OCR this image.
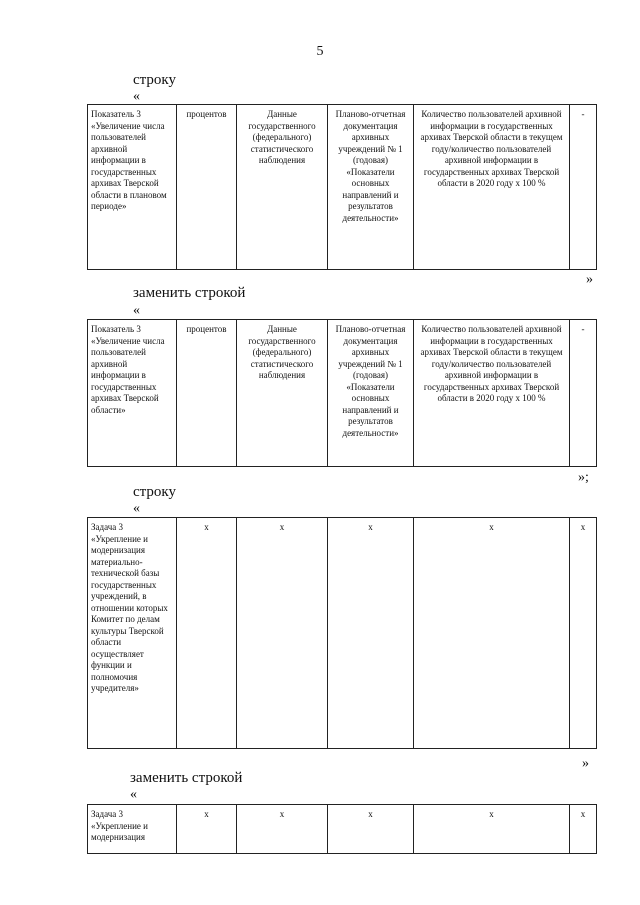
5
строку
«
Показатель 3 «Увеличение числа пользователей архивной информации в государственных архивах Тверской области в плановом периоде»	процентов	Данные государственного (федерального) статистического наблюдения	Планово-отчетная документация архивных учреждений № 1 (годовая) «Показатели основных направлений и результатов деятельности»	Количество пользователей архивной информации в государственных архивах Тверской области в текущем году/количество пользователей архивной информации в государственных архивах Тверской области в 2020 году x 100 %	-
»
заменить строкой
«
Показатель 3 «Увеличение числа пользователей архивной информации в государственных архивах Тверской области»	процентов	Данные государственного (федерального) статистического наблюдения	Планово-отчетная документация архивных учреждений № 1 (годовая) «Показатели основных направлений и результатов деятельности»	Количество пользователей архивной информации в государственных архивах Тверской области в текущем году/количество пользователей архивной информации в государственных архивах Тверской области в 2020 году x 100 %	-
»;
строку
«
Задача 3 «Укрепление и модернизация материально-технической базы государственных учреждений, в отношении которых Комитет по делам культуры Тверской области осуществляет функции и полномочия учредителя»	x	x	x	x	x
»
заменить строкой
«
Задача 3 «Укрепление и модернизация	x	x	x	x	x
